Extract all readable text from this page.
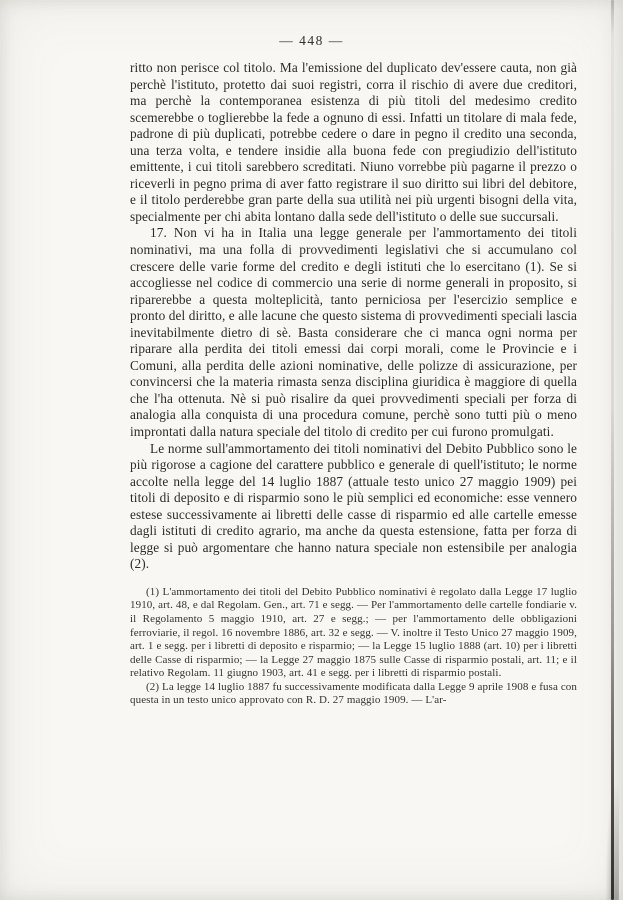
— 448 —

ritto non perisce col titolo. Ma l'emissione del duplicato dev'essere cauta, non già perchè l'istituto, protetto dai suoi registri, corra il rischio di avere due creditori, ma perchè la contemporanea esistenza di più titoli del medesimo credito scemerebbe o toglierebbe la fede a ognuno di essi. Infatti un titolare di mala fede, padrone di più duplicati, potrebbe cedere o dare in pegno il credito una seconda, una terza volta, e tendere insidie alla buona fede con pregiudizio dell'istituto emittente, i cui titoli sarebbero screditati. Niuno vorrebbe più pagarne il prezzo o riceverli in pegno prima di aver fatto registrare il suo diritto sui libri del debitore, e il titolo perderebbe gran parte della sua utilità nei più urgenti bisogni della vita, specialmente per chi abita lontano dalla sede dell'istituto o delle sue succursali.

17. Non vi ha in Italia una legge generale per l'ammortamento dei titoli nominativi, ma una folla di provvedimenti legislativi che si accumulano col crescere delle varie forme del credito e degli istituti che lo esercitano (1). Se si accogliesse nel codice di commercio una serie di norme generali in proposito, si riparerebbe a questa molteplicità, tanto perniciosa per l'esercizio semplice e pronto del diritto, e alle lacune che questo sistema di provvedimenti speciali lascia inevitabilmente dietro di sè. Basta considerare che ci manca ogni norma per riparare alla perdita dei titoli emessi dai corpi morali, come le Provincie e i Comuni, alla perdita delle azioni nominative, delle polizze di assicurazione, per convincersi che la materia rimasta senza disciplina giuridica è maggiore di quella che l'ha ottenuta. Nè si può risalire da quei provvedimenti speciali per forza di analogia alla conquista di una procedura comune, perchè sono tutti più o meno improntati dalla natura speciale del titolo di credito per cui furono promulgati.

Le norme sull'ammortamento dei titoli nominativi del Debito Pubblico sono le più rigorose a cagione del carattere pubblico e generale di quell'istituto; le norme accolte nella legge del 14 luglio 1887 (attuale testo unico 27 maggio 1909) pei titoli di deposito e di risparmio sono le più semplici ed economiche: esse vennero estese successivamente ai libretti delle casse di risparmio ed alle cartelle emesse dagli istituti di credito agrario, ma anche da questa estensione, fatta per forza di legge si può argomentare che hanno natura speciale non estensibile per analogia (2).

(1) L'ammortamento dei titoli del Debito Pubblico nominativi è regolato dalla Legge 17 luglio 1910, art. 48, e dal Regolam. Gen., art. 71 e segg. — Per l'ammortamento delle cartelle fondiarie v. il Regolamento 5 maggio 1910, art. 27 e segg.; — per l'ammortamento delle obbligazioni ferroviarie, il regol. 16 novembre 1886, art. 32 e segg. — V. inoltre il Testo Unico 27 maggio 1909, art. 1 e segg. per i libretti di deposito e risparmio; — la Legge 15 luglio 1888 (art. 10) per i libretti delle Casse di risparmio; — la Legge 27 maggio 1875 sulle Casse di risparmio postali, art. 11; e il relativo Regolam. 11 giugno 1903, art. 41 e segg. per i libretti di risparmio postali.

(2) La legge 14 luglio 1887 fu successivamente modificata dalla Legge 9 aprile 1908 e fusa con questa in un testo unico approvato con R. D. 27 maggio 1909. — L'ar-
